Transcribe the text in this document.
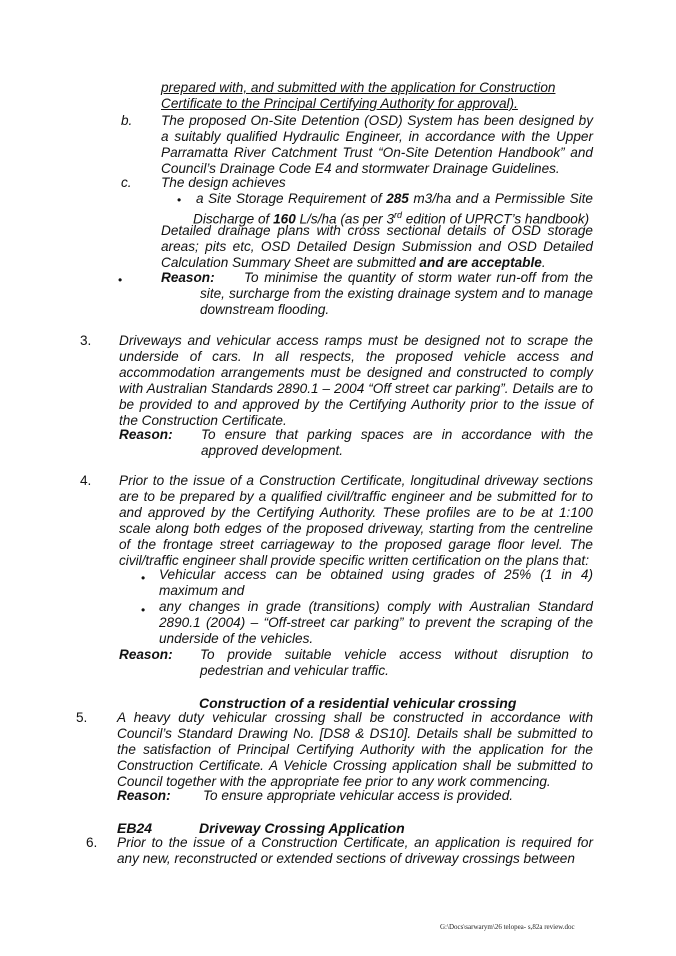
prepared with, and submitted with the application for Construction
Certificate to the Principal Certifying Authority for approval).
b. The proposed On-Site Detention (OSD) System has been designed by a suitably qualified Hydraulic Engineer, in accordance with the Upper Parramatta River Catchment Trust “On-Site Detention Handbook” and Council’s Drainage Code E4 and stormwater Drainage Guidelines.
c. The design achieves
• a Site Storage Requirement of 285 m3/ha and a Permissible Site Discharge of 160 L/s/ha (as per 3rd edition of UPRCT’s handbook)
Detailed drainage plans with cross sectional details of OSD storage areas; pits etc, OSD Detailed Design Submission and OSD Detailed Calculation Summary Sheet are submitted and are acceptable.
•	Reason:	To minimise the quantity of storm water run-off from the site, surcharge from the existing drainage system and to manage downstream flooding.
3. Driveways and vehicular access ramps must be designed not to scrape the underside of cars. In all respects, the proposed vehicle access and accommodation arrangements must be designed and constructed to comply with Australian Standards 2890.1 – 2004 “Off street car parking”. Details are to be provided to and approved by the Certifying Authority prior to the issue of the Construction Certificate.
Reason: To ensure that parking spaces are in accordance with the approved development.
4. Prior to the issue of a Construction Certificate, longitudinal driveway sections are to be prepared by a qualified civil/traffic engineer and be submitted for to and approved by the Certifying Authority. These profiles are to be at 1:100 scale along both edges of the proposed driveway, starting from the centreline of the frontage street carriageway to the proposed garage floor level. The civil/traffic engineer shall provide specific written certification on the plans that:
• Vehicular access can be obtained using grades of 25% (1 in 4) maximum and
• any changes in grade (transitions) comply with Australian Standard 2890.1 (2004) – “Off-street car parking” to prevent the scraping of the underside of the vehicles.
Reason: To provide suitable vehicle access without disruption to pedestrian and vehicular traffic.
Construction of a residential vehicular crossing
5. A heavy duty vehicular crossing shall be constructed in accordance with Council’s Standard Drawing No. [DS8 & DS10]. Details shall be submitted to the satisfaction of Principal Certifying Authority with the application for the Construction Certificate. A Vehicle Crossing application shall be submitted to Council together with the appropriate fee prior to any work commencing.
Reason: To ensure appropriate vehicular access is provided.
EB24	Driveway Crossing Application
6. Prior to the issue of a Construction Certificate, an application is required for any new, reconstructed or extended sections of driveway crossings between
G:\Docs\sarwarym\26 telopea- s,82a review.doc
